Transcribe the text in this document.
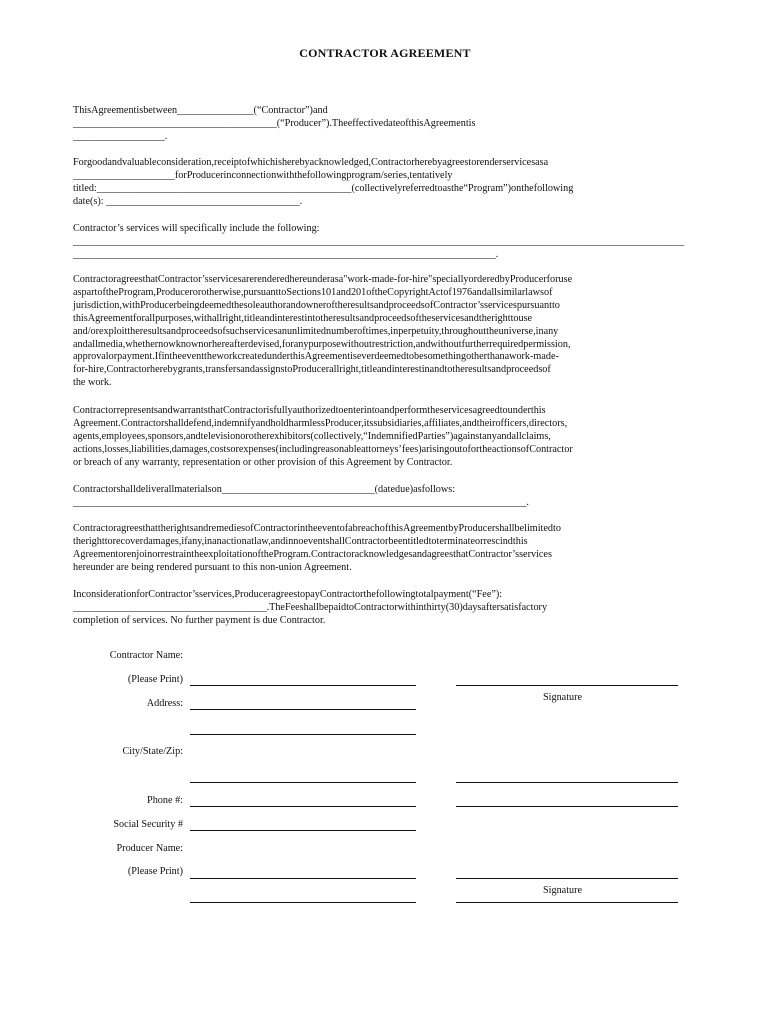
CONTRACTOR AGREEMENT
ThisAgreementisbetween_______________(“Contractor”)and
________________________________________(“Producer”).TheeffectivedateofthisAgreementis
__________________.
Forgoodandvaluableconsideration,receiptofwhichisherebyacknowledged,Contractorherebyagreestorenderservicesasa
____________________forProducerinconnectionwiththefollowingprogram/series,tentatively
titled:__________________________________________________(collectivelyreferredtoasthe“Program”)onthefollowing
date(s): ______________________________________.
Contractor’s services will specifically include the following:
________________________________________________________________________________________________________________________
___________________________________________________________________________________.
ContractoragreesthatContractor’sservicesarerenderedhereunderasa"work-made-for-hire"speciallyorderedbyProducerforuse
aspartoftheProgram,Producerorotherwise,pursuanttoSections101and201oftheCopyrightActof1976andallsimilarlawsof
jurisdiction,withProducerbeingdeemedthesoleauthorandowneroftheresultsandproceedsofContractor’sservicespursuantto
thisAgreementforallpurposes,withallright,titleandinterestintotheresultsandproceedsoftheservicesandtherighttouse
and/orexploittheresultsandproceedsofsuchservicesanunlimitednumberoftimes,inperpetuity,throughouttheuniverse,inany
andallmedia,whethernowknownorhereafterdevised,foranypurposewithoutrestriction,andwithoutfurtherrequiredpermission,
approvalorpayment.IfintheeventtheworkcreatedunderthisAgreementiseverdeemedtobesomethingotherthanawork-made-
for-hire,Contractorherebygrants,transfersandassignstoProducerallright,titleandinterestinandtotheresultsandproceedsof
the work.
ContractorrepresentsandwarrantsthatContractorisfullyauthorizedtoenterintoandperformtheservicesagreedtounderthis
Agreement.Contractorshalldefend,indemnifyandholdharmlessProducer,itssubsidiaries,affiliates,andtheirofficers,directors,
agents,employees,sponsors,andtelevisionorotherexhibitors(collectively,“IndemnifiedParties”)againstanyandallclaims,
actions,losses,liabilities,damages,costsorexpenses(includingreasonableattorneys’fees)arisingoutofortheactionsofContractor
or breach of any warranty, representation or other provision of this Agreement by Contractor.
Contractorshalldeliverallmaterialson______________________________(datedue)asfollows:
_________________________________________________________________________________________.
ContractoragreesthattherightsandremediesofContractorintheeventofabreachofthisAgreementbyProducershallbelimitedto
therighttorecoverdamages,ifany,inanactionatlaw,andinnoeventshallContractorbeentitledtoterminateorrescindthis
AgreementorenjoinorrestraintheexploitationoftheProgram.ContractoracknowledgesandagreesthatContractor’sservices
hereunder are being rendered pursuant to this non-union Agreement.
InconsiderationforContractor’sservices,ProduceragreestopayContractorthefollowingtotalpayment(“Fee”):
______________________________________.TheFeeshallbepaidtoContractorwithinthirty(30)daysaftersatisfactory
completion of services. No further payment is due Contractor.
Contractor Name:
(Please Print)
Signature
Address:
City/State/Zip:
Phone #:
Social Security #
Producer Name:
(Please Print)
Signature
